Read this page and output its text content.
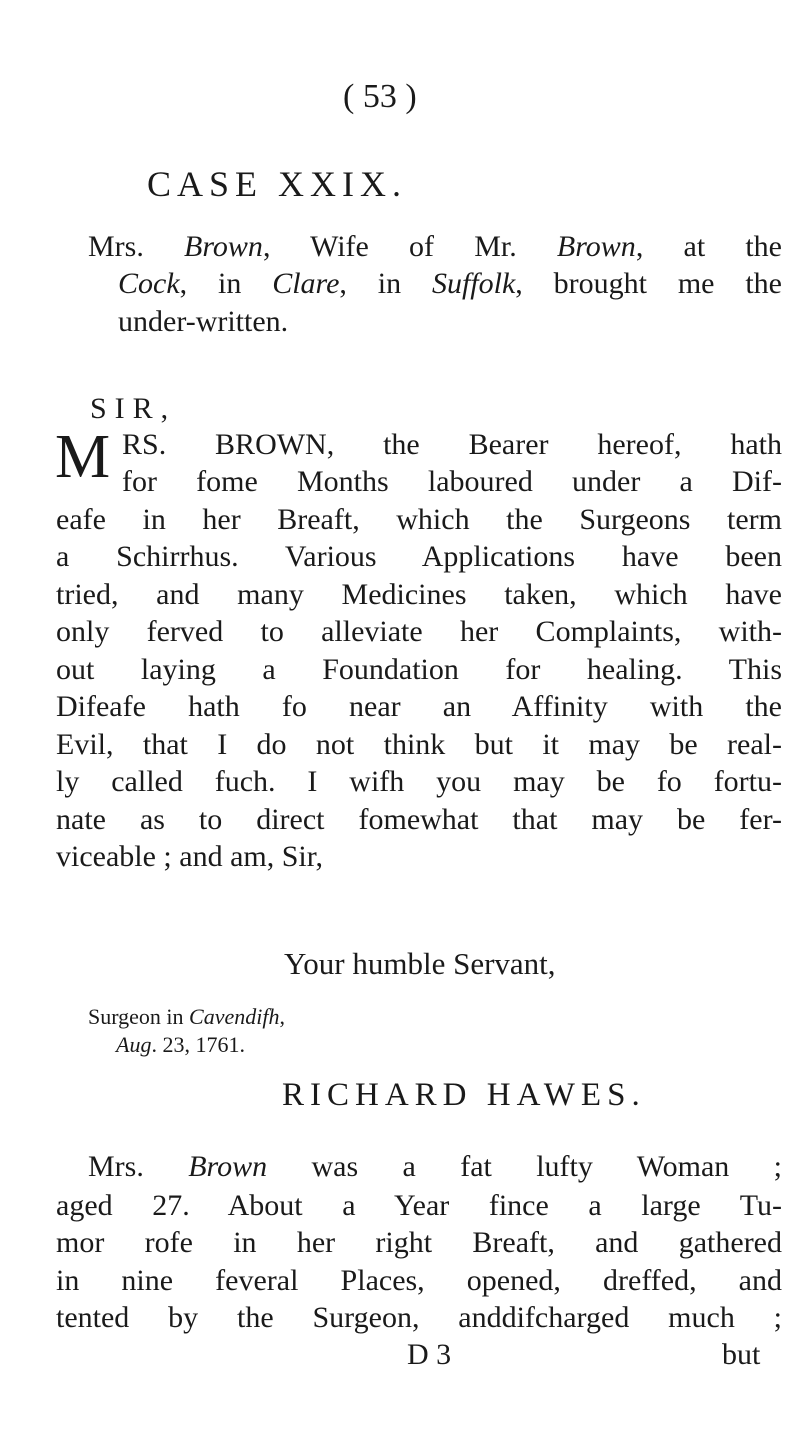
( 53 )
CASE XXIX.
Mrs. Brown, Wife of Mr. Brown, at the
Cock, in Clare, in Suffolk, brought me the
under-written.
SIR,
M RS. BROWN, the Bearer hereof, hath
for fome Months laboured under a Dif-
eafe in her Breaft, which the Surgeons term
a Schirrhus. Various Applications have been
tried, and many Medicines taken, which have
only ferved to alleviate her Complaints, with-
out laying a Foundation for healing. This
Difeafe hath fo near an Affinity with the
Evil, that I do not think but it may be real-
ly called fuch. I wifh you may be fo fortu-
nate as to direct fomewhat that may be fer-
viceable ; and am, Sir,
Your humble Servant,
Surgeon in Cavendifh,
Aug. 23, 1761.
RICHARD HAWES.
Mrs. Brown was a fat lufty Woman ;
aged 27. About a Year fince a large Tu-
mor rofe in her right Breaft, and gathered
in nine feveral Places, opened, dreffed, and
tented by the Surgeon, anddifcharged much ;
D 3	but
